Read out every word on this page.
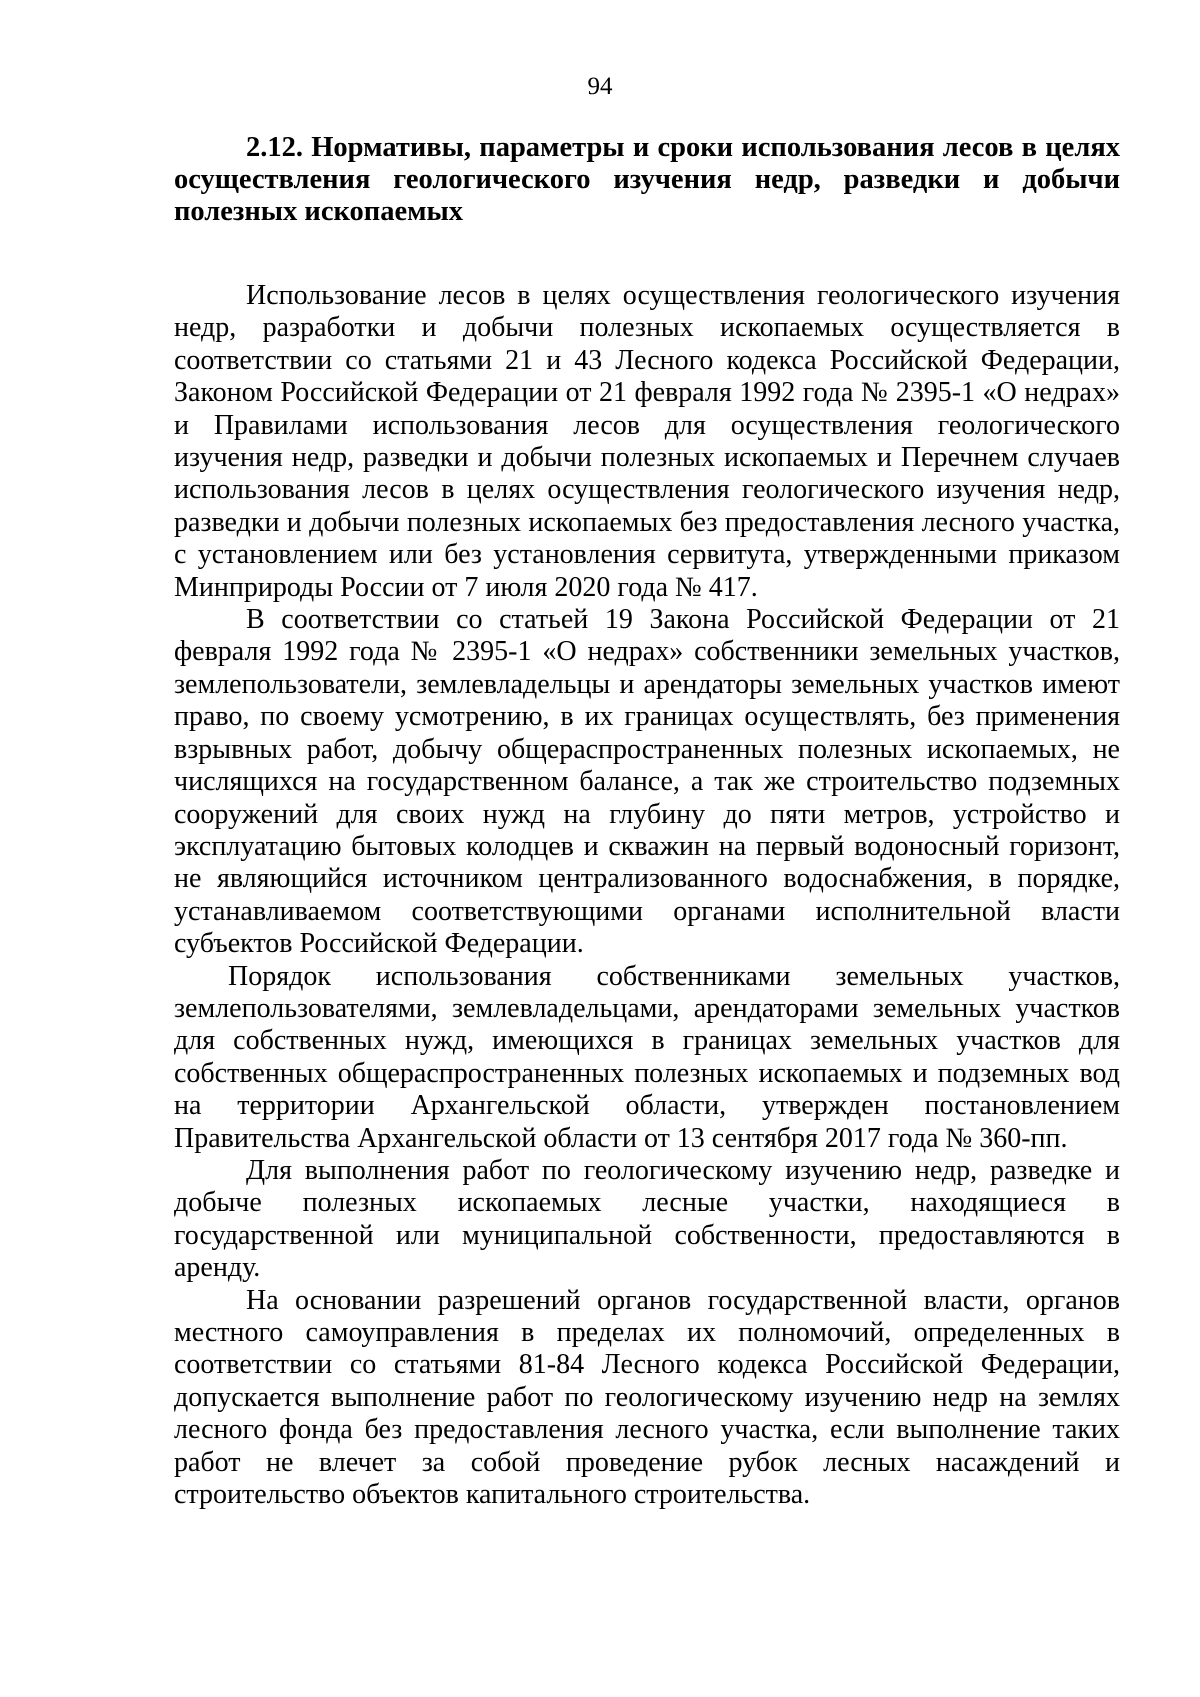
94

2.12. Нормативы, параметры и сроки использования лесов в целях осуществления геологического изучения недр, разведки и добычи полезных ископаемых

Использование лесов в целях осуществления геологического изучения недр, разработки и добычи полезных ископаемых осуществляется в соответствии со статьями 21 и 43 Лесного кодекса Российской Федерации, Законом Российской Федерации от 21 февраля 1992 года № 2395-1 «О недрах» и Правилами использования лесов для осуществления геологического изучения недр, разведки и добычи полезных ископаемых и Перечнем случаев использования лесов в целях осуществления геологического изучения недр, разведки и добычи полезных ископаемых без предоставления лесного участка, с установлением или без установления сервитута, утвержденными приказом Минприроды России от 7 июля 2020 года № 417.

В соответствии со статьей 19 Закона Российской Федерации от 21 февраля 1992 года № 2395-1 «О недрах» собственники земельных участков, землепользователи, землевладельцы и арендаторы земельных участков имеют право, по своему усмотрению, в их границах осуществлять, без применения взрывных работ, добычу общераспространенных полезных ископаемых, не числящихся на государственном балансе, а так же строительство подземных сооружений для своих нужд на глубину до пяти метров, устройство и эксплуатацию бытовых колодцев и скважин на первый водоносный горизонт, не являющийся источником централизованного водоснабжения, в порядке, устанавливаемом соответствующими органами исполнительной власти субъектов Российской Федерации.

Порядок использования собственниками земельных участков, землепользователями, землевладельцами, арендаторами земельных участков для собственных нужд, имеющихся в границах земельных участков для собственных общераспространенных полезных ископаемых и подземных вод на территории Архангельской области, утвержден постановлением Правительства Архангельской области от 13 сентября 2017 года № 360-пп.

Для выполнения работ по геологическому изучению недр, разведке и добыче полезных ископаемых лесные участки, находящиеся в государственной или муниципальной собственности, предоставляются в аренду.

На основании разрешений органов государственной власти, органов местного самоуправления в пределах их полномочий, определенных в соответствии со статьями 81-84 Лесного кодекса Российской Федерации, допускается выполнение работ по геологическому изучению недр на землях лесного фонда без предоставления лесного участка, если выполнение таких работ не влечет за собой проведение рубок лесных насаждений и строительство объектов капитального строительства.
